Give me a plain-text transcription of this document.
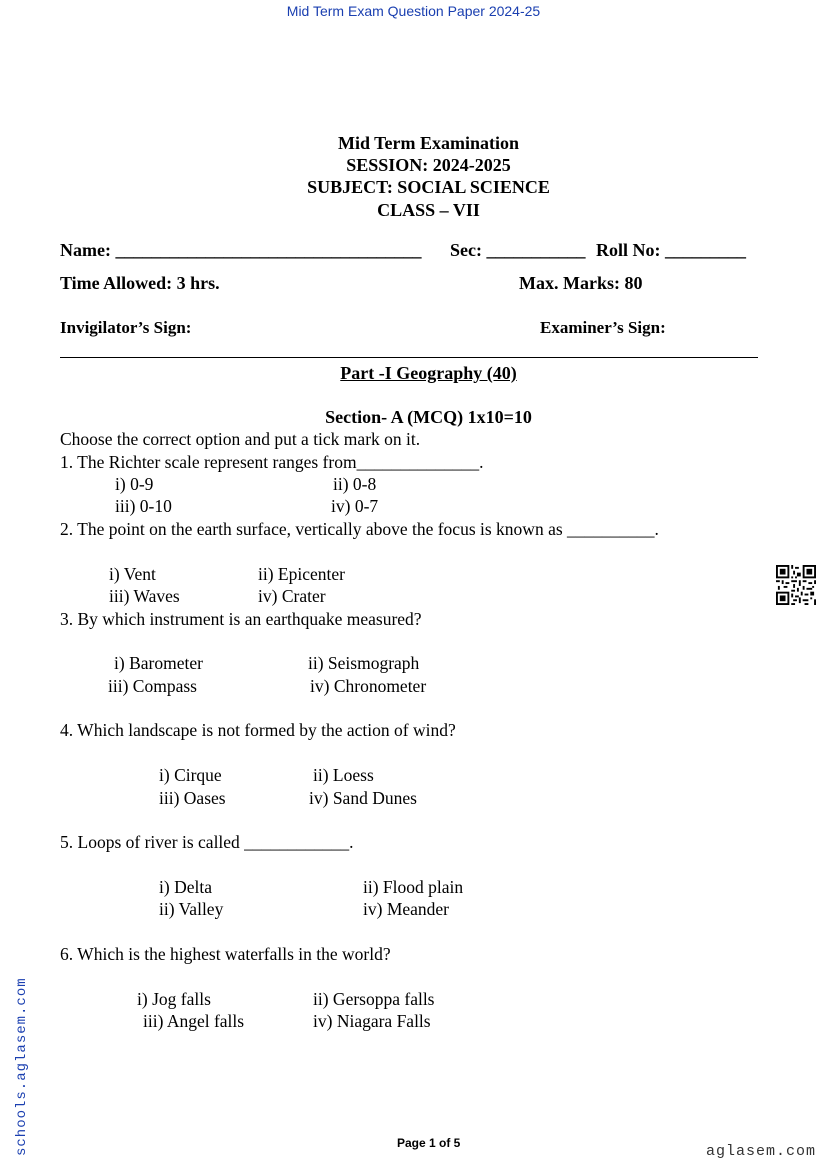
Mid Term Exam Question Paper 2024-25
Mid Term Examination
SESSION: 2024-2025
SUBJECT: SOCIAL SCIENCE
CLASS – VII
Name: __________________________________ Sec: ___________ Roll No: _________
Time Allowed: 3 hrs.	Max. Marks: 80
Invigilator’s Sign:	Examiner’s Sign:
Part -I Geography (40)
Section- A (MCQ) 1x10=10
Choose the correct option and put a tick mark on it.
1. The Richter scale represent ranges from______________.
i) 0-9	ii) 0-8
iii) 0-10	iv) 0-7
2. The point on the earth surface, vertically above the focus is known as __________.
i) Vent	ii) Epicenter
iii) Waves	iv) Crater
3. By which instrument is an earthquake measured?
i) Barometer	ii) Seismograph
iii) Compass	iv) Chronometer
4. Which landscape is not formed by the action of wind?
i) Cirque	ii) Loess
iii) Oases	iv) Sand Dunes
5. Loops of river is called ____________.
i) Delta	ii) Flood plain
ii) Valley	iv) Meander
6. Which is the highest waterfalls in the world?
i) Jog falls	ii) Gersoppa falls
iii) Angel falls	iv) Niagara Falls
schools.aglasem.com	Page 1 of 5	aglasem.com
